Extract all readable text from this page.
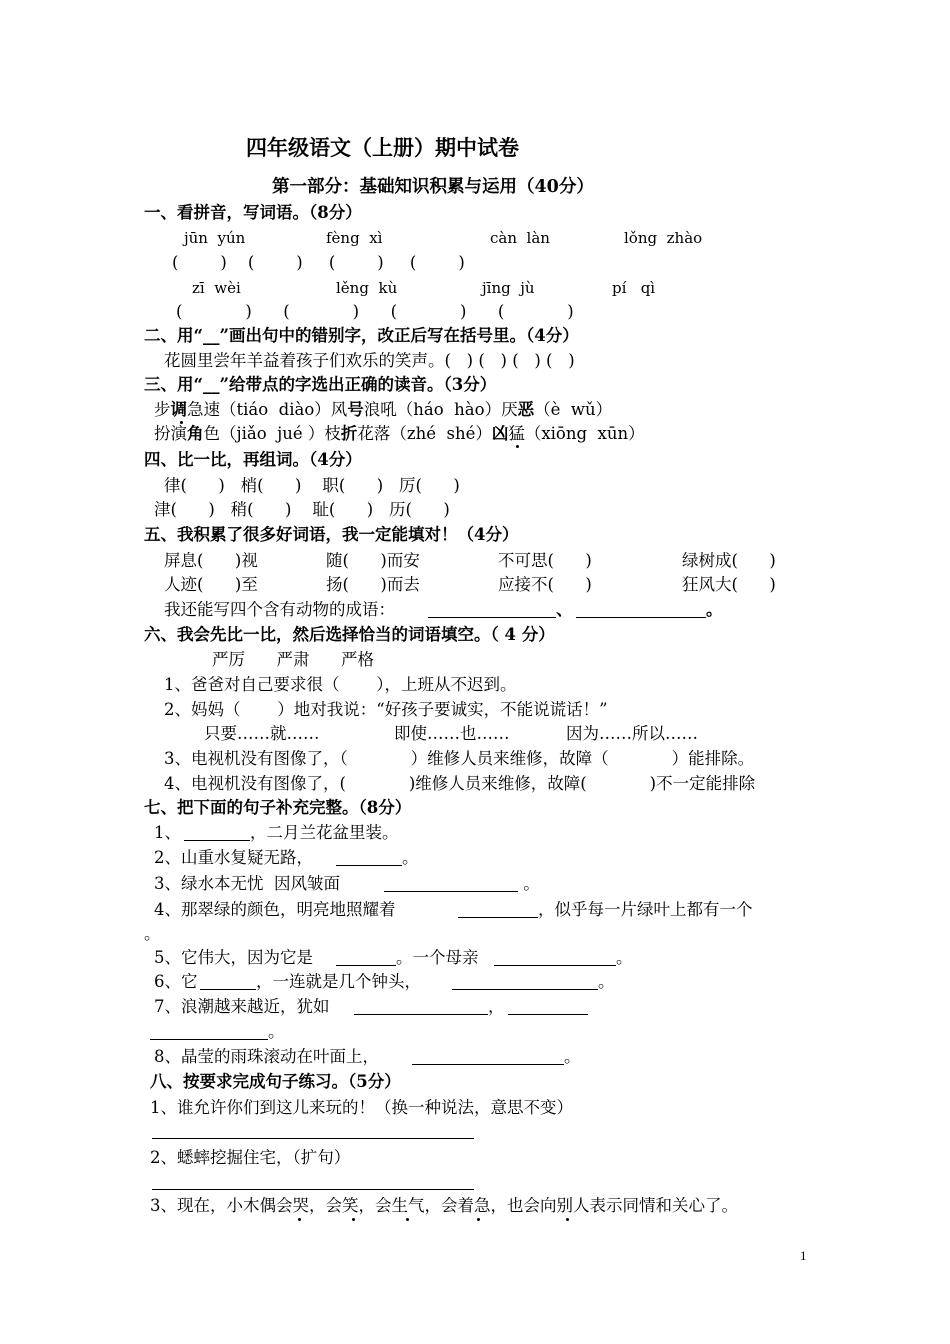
四年级语文（上册）期中试卷
第一部分：基础知识积累与运用（40分）
一、看拼音，写词语。（8分）
jūn  yún	fèng  xì	càn  làn	lǒng  zhào
(        )    (        )     (        )     (        )
zī  wèi	lěng  kù	jīng  jù	pí   qì
(            )      (            )      (            )      (            )
二、用“__”画出句中的错别字，改正后写在括号里。（4分）
花圆里尝年羊益着孩子们欢乐的笑声。(   ) (   ) (   ) (   )
三、用“__”给带点的字选出正确的读音。（3分）
步调急速（tiáo  diào）风号浪吼（háo  hào）厌恶（è  wǔ）
扮演角色（jiǎo  jué ）枝折花落（zhé  shé）凶猛（xiōng  xūn）
四、比一比，再组词。（4分）
律(      )   梢(      )    职(      )   厉(      )
津(      )   稍(      )    耻(      )   历(      )
五、我积累了很多好词语，我一定能填对！（4分）
屏息(      )视	随(      )而安	不可思(      )	绿树成(      )
人迹(      )至	扬(      )而去	应接不(      )	狂风大(      )
我还能写四个含有动物的成语：	、	。
六、我会先比一比，然后选择恰当的词语填空。（ 4 分）
严厉      严肃      严格
1、爸爸对自己要求很（       ），上班从不迟到。
2、妈妈（       ）地对我说：“好孩子要诚实，不能说谎话！”
只要……就……	即使……也……	因为……所以……
3、电视机没有图像了，（            ）维修人员来维修，故障（            ）能排除。
4、电视机没有图像了，(            )维修人员来维修，故障(            )不一定能排除
七、把下面的句子补充完整。（8分）
1、	，二月兰花盆里装。
2、山重水复疑无路，	。
3、绿水本无忧  因风皱面	。
4、那翠绿的颜色，明亮地照耀着	，似乎每一片绿叶上都有一个
。
5、它伟大，因为它是	。一个母亲	。
6、它	，一连就是几个钟头，	。
7、浪潮越来越近，犹如	，
。
8、晶莹的雨珠滚动在叶面上，	。
八、按要求完成句子练习。（5分）
1、谁允许你们到这儿来玩的！（换一种说法，意思不变）
2、蟋蟀挖掘住宅，（扩句）
3、现在，小木偶会哭，会笑，会生气，会着急，也会向别人表示同情和关心了。
1
